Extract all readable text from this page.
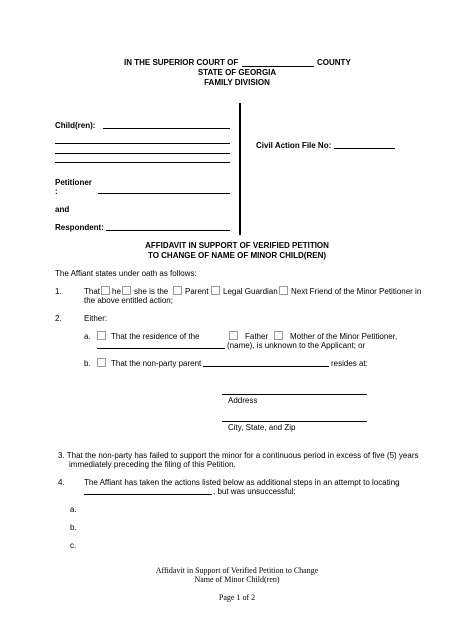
IN THE SUPERIOR COURT OF	COUNTY
STATE OF GEORGIA
FAMILY DIVISION
Child(ren):
Petitioner
:
and
Respondent:
Civil Action File No:
AFFIDAVIT IN SUPPORT OF VERIFIED PETITION
TO CHANGE OF NAME OF MINOR CHILD(REN)
The Affiant states under oath as follows:
1.	That he she is the Parent Legal Guardian Next Friend of the Minor Petitioner in
the above entitled action;
2.	Either:
a.	That the residence of the	Father	Mother of the Minor Petitioner,
(name), is unknown to the Applicant; or
b.	That the non-party parent	resides at:
Address
City, State, and Zip
3. That the non-party has failed to support the minor for a continuous period in excess of five (5) years
immediately preceding the filing of this Petition.
4. The Affiant has taken the actions listed below as additional steps in an attempt to locating
, but was unsuccessful:
a.
b.
c.
Affidavit in Support of Verified Petition to Change
Name of Minor Child(ren)
Page 1 of 2
